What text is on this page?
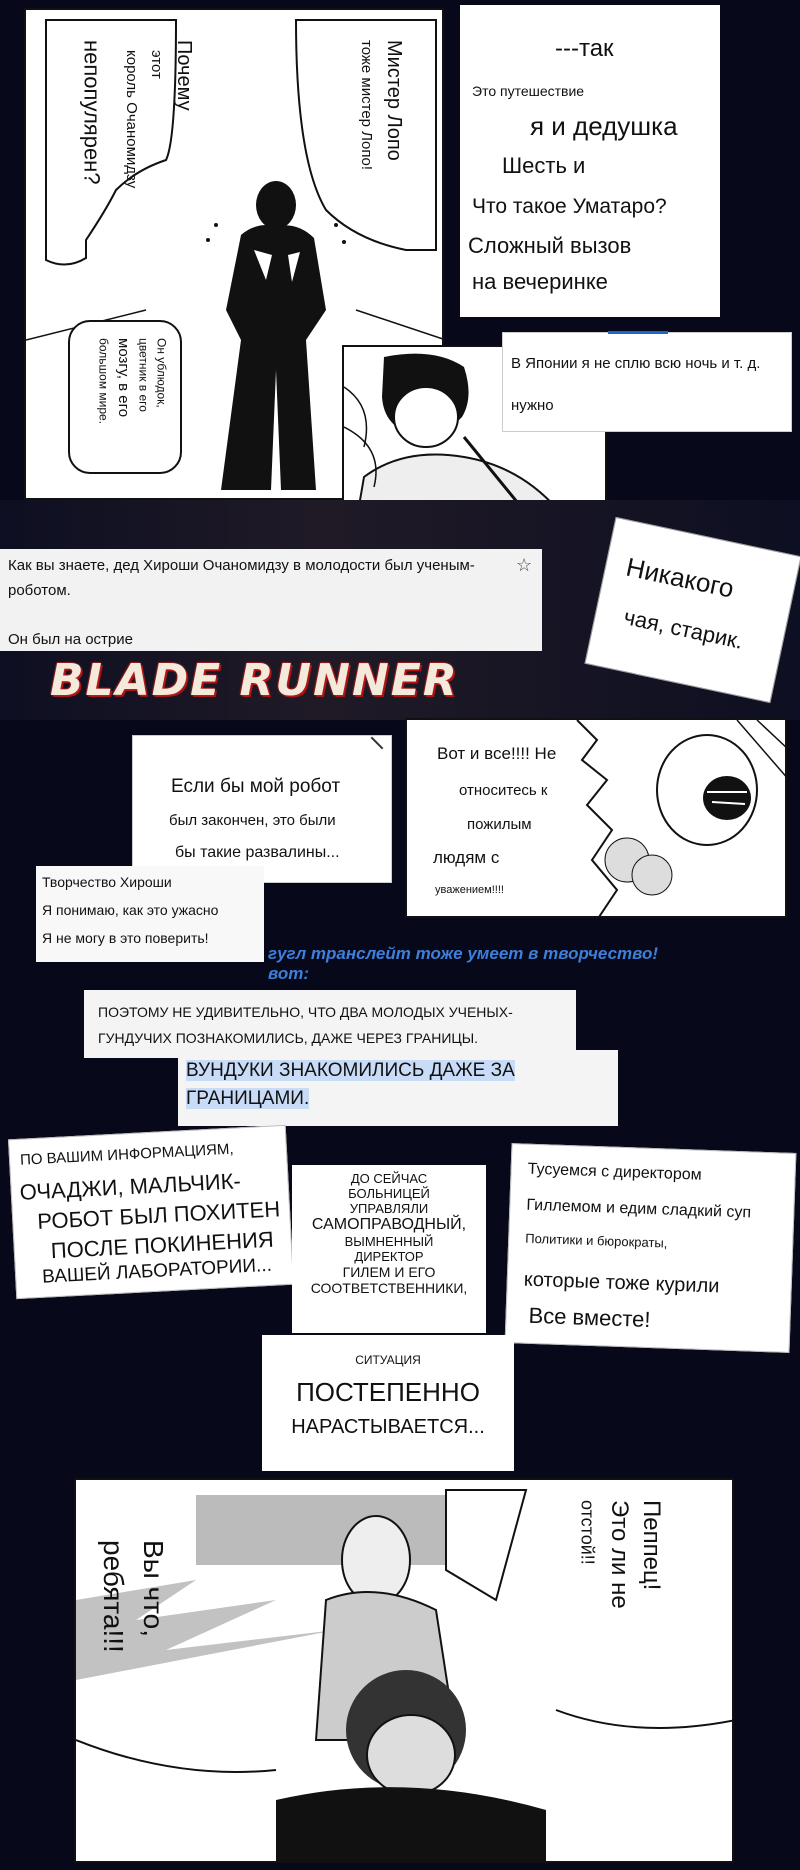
Мистер Лопо
тоже мистер Лопо!
Почему
этот
король Очаномидзу
непопулярен?
Он ублюдок,
цветник в его
мозгу, в его
большом мире.
---так
Это путешествие
я и дедушка
Шесть и
Что такое Уматаро?
Сложный вызов
на вечеринке
В Японии я не сплю всю ночь и т. д.
нужно
Как вы знаете, дед Хироши Очаномидзу в молодости был ученым-
роботом.
Он был на острие
☆
BLADE RUNNER
Никакого
чая, старик.
Если бы мой робот
был закончен, это были
бы такие развалины...
Вот и все!!!! Не
относитесь к
пожилым
людям с
уважением!!!!
Творчество Хироши
Я понимаю, как это ужасно
Я не могу в это поверить!
гугл транслейт тоже умеет в творчество!
вот:
ПОЭТОМУ НЕ УДИВИТЕЛЬНО, ЧТО ДВА МОЛОДЫХ УЧЕНЫХ-
ГУНДУЧИХ ПОЗНАКОМИЛИСЬ, ДАЖЕ ЧЕРЕЗ ГРАНИЦЫ.
ВУНДУКИ ЗНАКОМИЛИСЬ ДАЖЕ ЗА
ГРАНИЦАМИ.
ПО ВАШИМ ИНФОРМАЦИЯМ,
ОЧАДЖИ, МАЛЬЧИК-
РОБОТ БЫЛ ПОХИТЕН
ПОСЛЕ ПОКИНЕНИЯ
ВАШЕЙ ЛАБОРАТОРИИ...
ДО СЕЙЧАС
БОЛЬНИЦЕЙ
УПРАВЛЯЛИ
САМОПРАВОДНЫЙ,
ВЫМНЕННЫЙ
ДИРЕКТОР
ГИЛЕМ И ЕГО
СООТВЕТСТВЕННИКИ,
Тусуемся с директором
Гиллемом и едим сладкий суп
Политики и бюрократы,
которые тоже курили
Все вместе!
СИТУАЦИЯ
ПОСТЕПЕННО
НАРАСТЫВАЕТСЯ...
Пеппец!
Это ли не
отстой!!
Вы что,
ребята!!!
